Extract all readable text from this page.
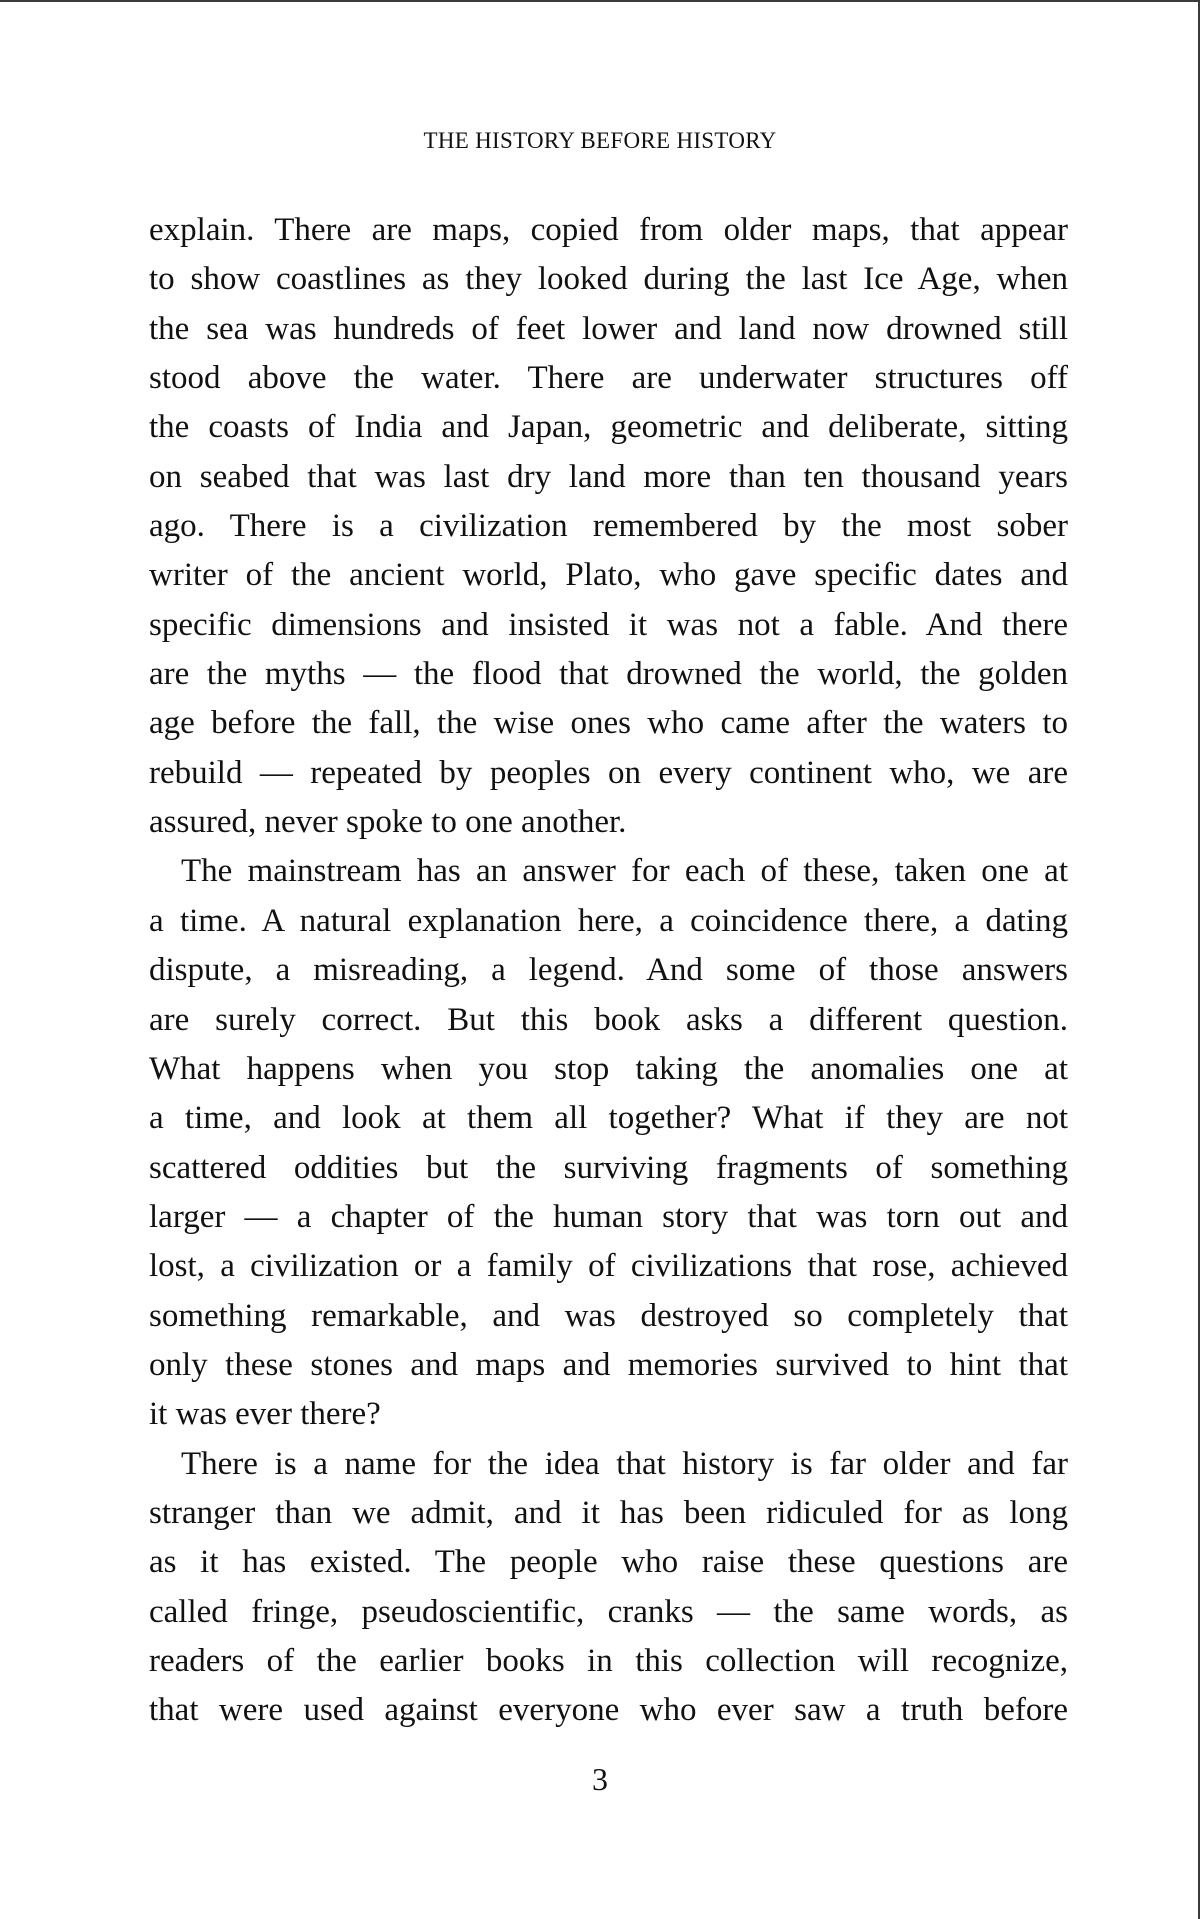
THE HISTORY BEFORE HISTORY
explain. There are maps, copied from older maps, that appear
to show coastlines as they looked during the last Ice Age, when
the sea was hundreds of feet lower and land now drowned still
stood above the water. There are underwater structures off
the coasts of India and Japan, geometric and deliberate, sitting
on seabed that was last dry land more than ten thousand years
ago. There is a civilization remembered by the most sober
writer of the ancient world, Plato, who gave specific dates and
specific dimensions and insisted it was not a fable. And there
are the myths — the flood that drowned the world, the golden
age before the fall, the wise ones who came after the waters to
rebuild — repeated by peoples on every continent who, we are
assured, never spoke to one another.
The mainstream has an answer for each of these, taken one at
a time. A natural explanation here, a coincidence there, a dating
dispute, a misreading, a legend. And some of those answers
are surely correct. But this book asks a different question.
What happens when you stop taking the anomalies one at
a time, and look at them all together? What if they are not
scattered oddities but the surviving fragments of something
larger — a chapter of the human story that was torn out and
lost, a civilization or a family of civilizations that rose, achieved
something remarkable, and was destroyed so completely that
only these stones and maps and memories survived to hint that
it was ever there?
There is a name for the idea that history is far older and far
stranger than we admit, and it has been ridiculed for as long
as it has existed. The people who raise these questions are
called fringe, pseudoscientific, cranks — the same words, as
readers of the earlier books in this collection will recognize,
that were used against everyone who ever saw a truth before
3
